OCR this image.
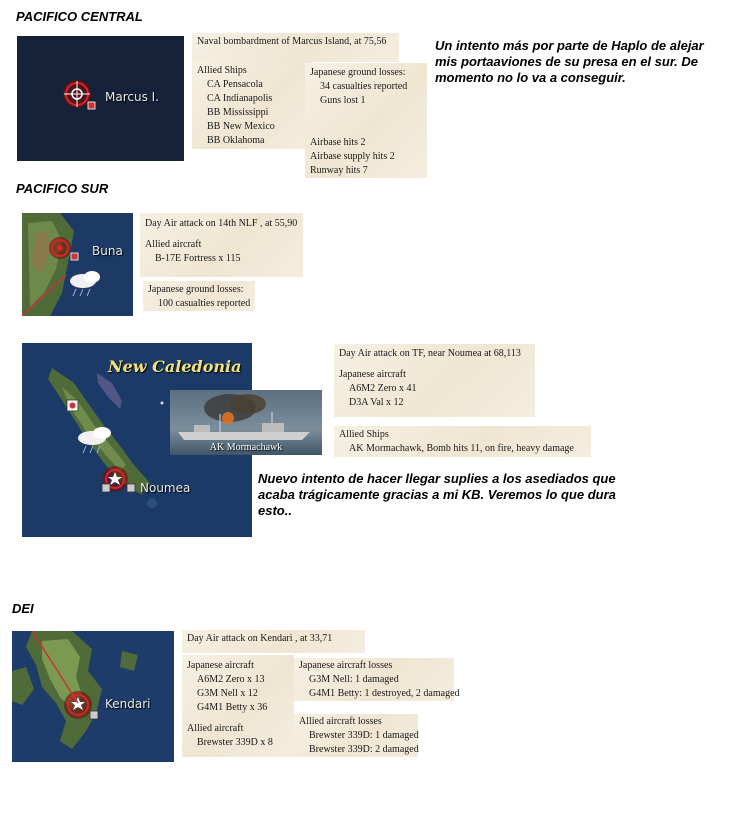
PACIFICO CENTRAL
Marcus I.
Naval bombardment of Marcus Island, at 75,56
Allied Ships
CA Pensacola
CA Indianapolis
BB Mississippi
BB New Mexico
BB Oklahoma
Japanese ground losses:
34 casualties reported
Guns lost 1
Airbase hits 2
Airbase supply hits 2
Runway hits 7
Un intento más por parte de Haplo de alejar mis portaaviones de su presa en el sur. De momento no lo va a conseguir.
PACIFICO SUR
Buna
Day Air attack on 14th NLF , at 55,90
Allied aircraft
B-17E Fortress x 115
Japanese ground losses:
100 casualties reported
New Caledonia
Noumea
AK Mormachawk
Day Air attack on TF, near Noumea at 68,113
Japanese aircraft
A6M2 Zero x 41
D3A Val x 12
Allied Ships
AK Mormachawk, Bomb hits 11, on fire, heavy damage
Nuevo intento de hacer llegar suplies a los asediados que acaba trágicamente gracias a mi KB. Veremos lo que dura esto..
DEI
Kendari
Day Air attack on Kendari , at 33,71
Japanese aircraft
A6M2 Zero x 13
G3M Nell x 12
G4M1 Betty x 36
Allied aircraft
Brewster 339D x 8
Japanese aircraft losses
G3M Nell: 1 damaged
G4M1 Betty: 1 destroyed, 2 damaged
Allied aircraft losses
Brewster 339D: 1 damaged
Brewster 339D: 2 damaged
